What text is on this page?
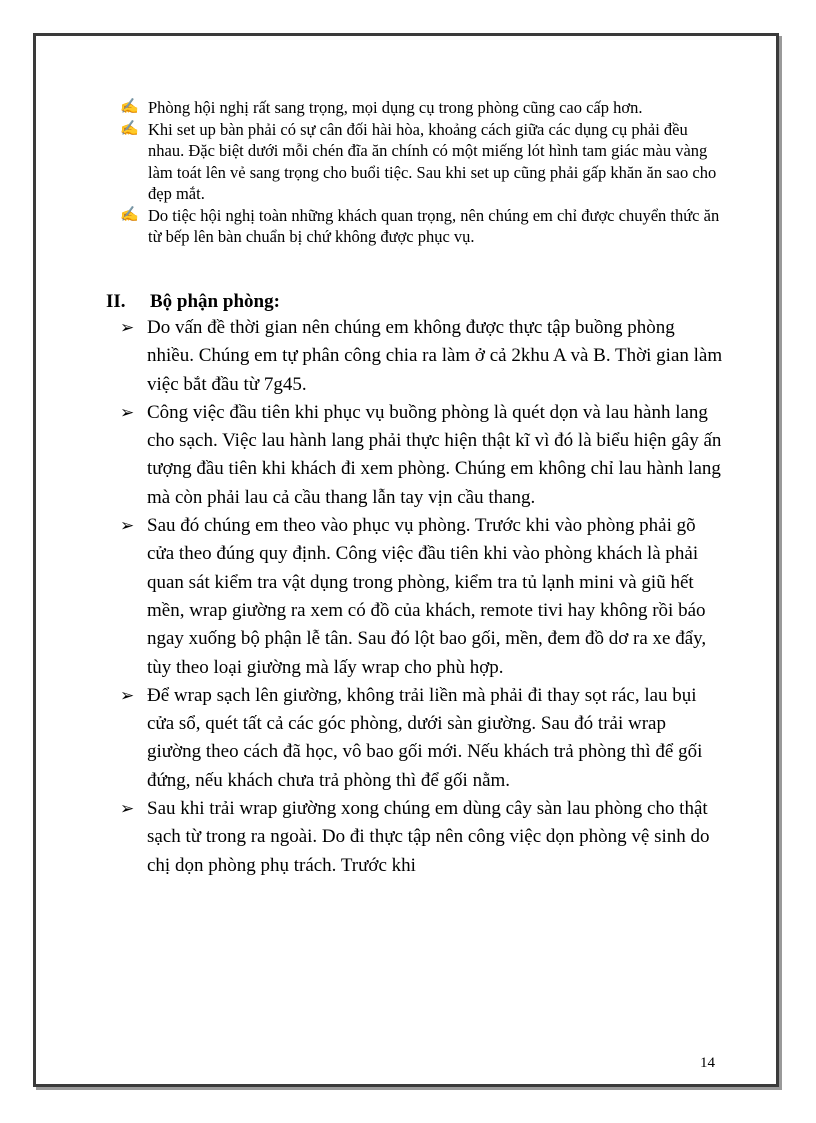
✍ Phòng hội nghị rất sang trọng, mọi dụng cụ trong phòng cũng cao cấp hơn.
✍ Khi set up bàn phải có sự cân đối hài hòa, khoảng cách giữa các dụng cụ phải đều nhau. Đặc biệt dưới mỗi chén đĩa ăn chính có một miếng lót hình tam giác màu vàng làm toát lên vẻ sang trọng cho buổi tiệc. Sau khi set up cũng phải gấp khăn ăn sao cho đẹp mắt.
✍ Do tiệc hội nghị toàn những khách quan trọng, nên chúng em chỉ được chuyển thức ăn từ bếp lên bàn chuẩn bị chứ không được phục vụ.
II. Bộ phận phòng:
➢ Do vấn đề thời gian nên chúng em không được thực tập buồng phòng nhiều. Chúng em tự phân công chia ra làm ở cả 2khu A và B. Thời gian làm việc bắt đầu từ 7g45.
➢ Công việc đầu tiên khi phục vụ buồng phòng là quét dọn và lau hành lang
cho sạch. Việc lau hành lang phải thực hiện thật kĩ vì đó là biểu hiện gây ấn tượng đầu tiên khi khách đi xem phòng. Chúng em không chỉ lau hành lang mà còn phải lau cả cầu thang lẫn tay vịn cầu thang.
➢ Sau đó chúng em theo vào phục vụ phòng. Trước khi vào phòng phải gõ cửa theo đúng quy định. Công việc đầu tiên khi vào phòng khách là phải quan sát kiểm tra vật dụng trong phòng, kiểm tra tủ lạnh mini và giũ hết mền, wrap giường ra xem có đồ của khách, remote tivi hay không rồi báo ngay xuống bộ phận lễ tân. Sau đó lột bao gối, mền, đem đồ dơ ra xe đẩy, tùy theo loại giường mà lấy wrap cho phù hợp.
➢ Để wrap sạch lên giường, không trải liền mà phải đi thay sọt rác, lau bụi cửa sổ, quét tất cả các góc phòng, dưới sàn giường. Sau đó trải wrap giường theo cách đã học, vô bao gối mới. Nếu khách trả phòng thì để gối đứng, nếu khách chưa trả phòng thì để gối nằm.
➢ Sau khi trải wrap giường xong chúng em dùng cây sàn lau phòng cho thật sạch từ trong ra ngoài. Do đi thực tập nên công việc dọn phòng vệ sinh do chị dọn phòng phụ trách. Trước khi
14
